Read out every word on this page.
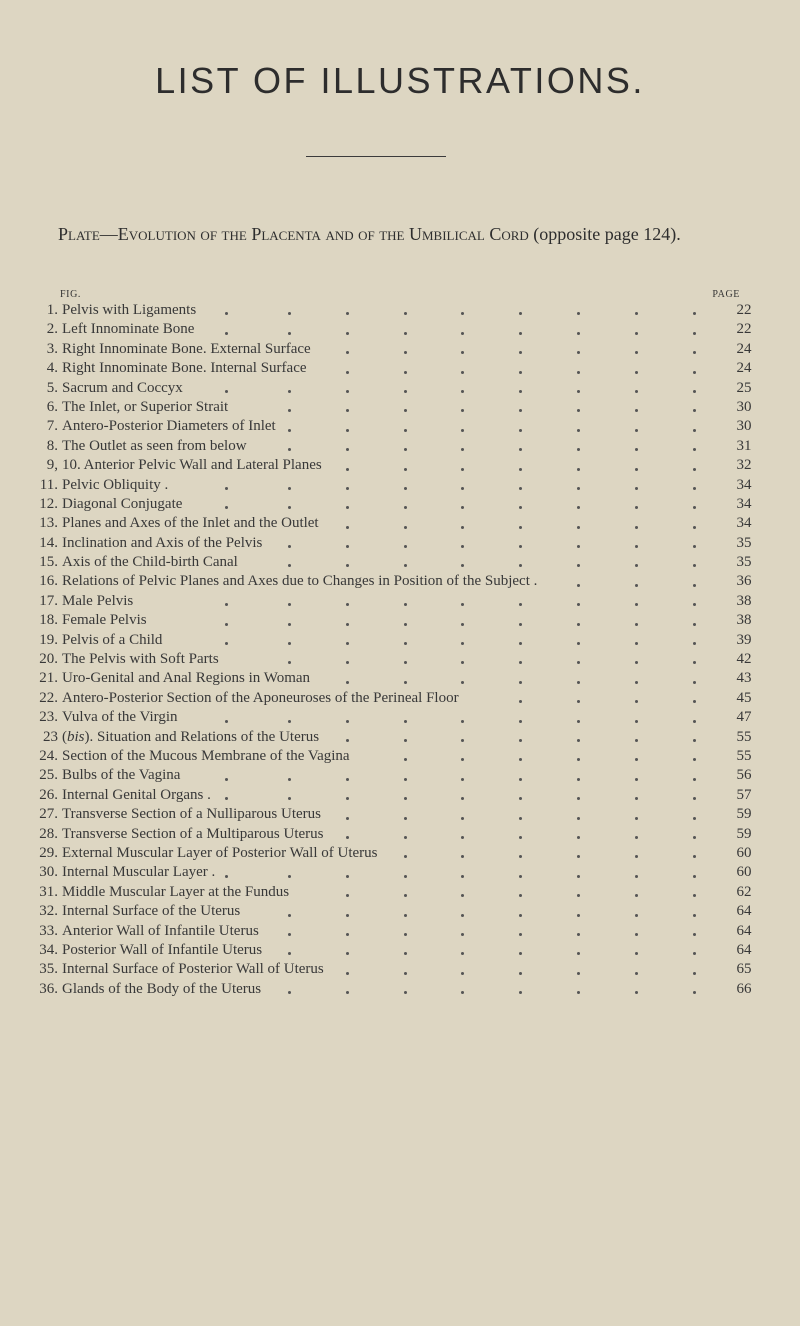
LIST OF ILLUSTRATIONS.
Plate—Evolution of the Placenta and of the Umbilical Cord (opposite page 124).
FIG.	PAGE
1. Pelvis with Ligaments	22
2. Left Innominate Bone	22
3. Right Innominate Bone. External Surface	24
4. Right Innominate Bone. Internal Surface	24
5. Sacrum and Coccyx	25
6. The Inlet, or Superior Strait	30
7. Antero-Posterior Diameters of Inlet	30
8. The Outlet as seen from below	31
9, 10. Anterior Pelvic Wall and Lateral Planes	32
11. Pelvic Obliquity .	34
12. Diagonal Conjugate	34
13. Planes and Axes of the Inlet and the Outlet	34
14. Inclination and Axis of the Pelvis	35
15. Axis of the Child-birth Canal	35
16. Relations of Pelvic Planes and Axes due to Changes in Position of the Subject .	36
17. Male Pelvis	38
18. Female Pelvis	38
19. Pelvis of a Child	39
20. The Pelvis with Soft Parts	42
21. Uro-Genital and Anal Regions in Woman	43
22. Antero-Posterior Section of the Aponeuroses of the Perineal Floor	45
23. Vulva of the Virgin	47
23 (bis). Situation and Relations of the Uterus	55
24. Section of the Mucous Membrane of the Vagina	55
25. Bulbs of the Vagina	56
26. Internal Genital Organs .	57
27. Transverse Section of a Nulliparous Uterus	59
28. Transverse Section of a Multiparous Uterus	59
29. External Muscular Layer of Posterior Wall of Uterus	60
30. Internal Muscular Layer .	60
31. Middle Muscular Layer at the Fundus	62
32. Internal Surface of the Uterus	64
33. Anterior Wall of Infantile Uterus	64
34. Posterior Wall of Infantile Uterus	64
35. Internal Surface of Posterior Wall of Uterus	65
36. Glands of the Body of the Uterus	66
